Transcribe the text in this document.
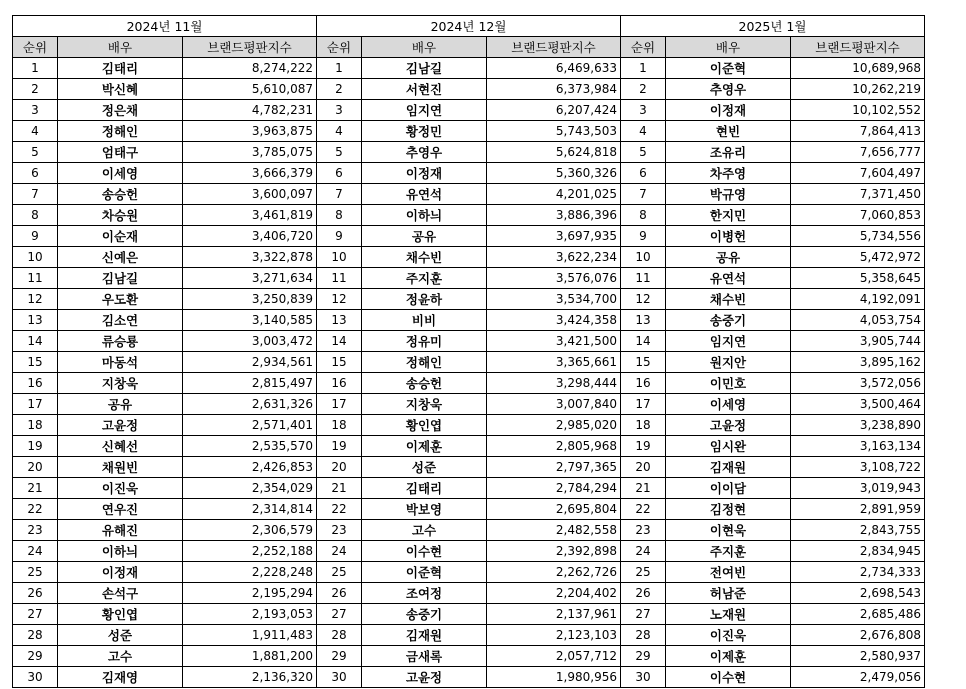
2024년 11월			2024년 12월			2025년 1월		
순위	배우	브랜드평판지수	순위	배우	브랜드평판지수	순위	배우	브랜드평판지수
1	김태리	8,274,222	1	김남길	6,469,633	1	이준혁	10,689,968
2	박신혜	5,610,087	2	서현진	6,373,984	2	추영우	10,262,219
3	정은채	4,782,231	3	임지연	6,207,424	3	이정재	10,102,552
4	정해인	3,963,875	4	황정민	5,743,503	4	현빈	7,864,413
5	엄태구	3,785,075	5	추영우	5,624,818	5	조유리	7,656,777
6	이세영	3,666,379	6	이정재	5,360,326	6	차주영	7,604,497
7	송승헌	3,600,097	7	유연석	4,201,025	7	박규영	7,371,450
8	차승원	3,461,819	8	이하늬	3,886,396	8	한지민	7,060,853
9	이순재	3,406,720	9	공유	3,697,935	9	이병헌	5,734,556
10	신예은	3,322,878	10	채수빈	3,622,234	10	공유	5,472,972
11	김남길	3,271,634	11	주지훈	3,576,076	11	유연석	5,358,645
12	우도환	3,250,839	12	정윤하	3,534,700	12	채수빈	4,192,091
13	김소연	3,140,585	13	비비	3,424,358	13	송중기	4,053,754
14	류승룡	3,003,472	14	정유미	3,421,500	14	임지연	3,905,744
15	마동석	2,934,561	15	정해인	3,365,661	15	원지안	3,895,162
16	지창욱	2,815,497	16	송승헌	3,298,444	16	이민호	3,572,056
17	공유	2,631,326	17	지창욱	3,007,840	17	이세영	3,500,464
18	고윤정	2,571,401	18	황인엽	2,985,020	18	고윤정	3,238,890
19	신혜선	2,535,570	19	이제훈	2,805,968	19	임시완	3,163,134
20	채원빈	2,426,853	20	성준	2,797,365	20	김재원	3,108,722
21	이진욱	2,354,029	21	김태리	2,784,294	21	이이담	3,019,943
22	연우진	2,314,814	22	박보영	2,695,804	22	김정현	2,891,959
23	유해진	2,306,579	23	고수	2,482,558	23	이현욱	2,843,755
24	이하늬	2,252,188	24	이수현	2,392,898	24	주지훈	2,834,945
25	이정재	2,228,248	25	이준혁	2,262,726	25	전여빈	2,734,333
26	손석구	2,195,294	26	조여정	2,204,402	26	허남준	2,698,543
27	황인엽	2,193,053	27	송중기	2,137,961	27	노재원	2,685,486
28	성준	1,911,483	28	김재원	2,123,103	28	이진욱	2,676,808
29	고수	1,881,200	29	금새록	2,057,712	29	이제훈	2,580,937
30	김재영	2,136,320	30	고윤정	1,980,956	30	이수현	2,479,056
